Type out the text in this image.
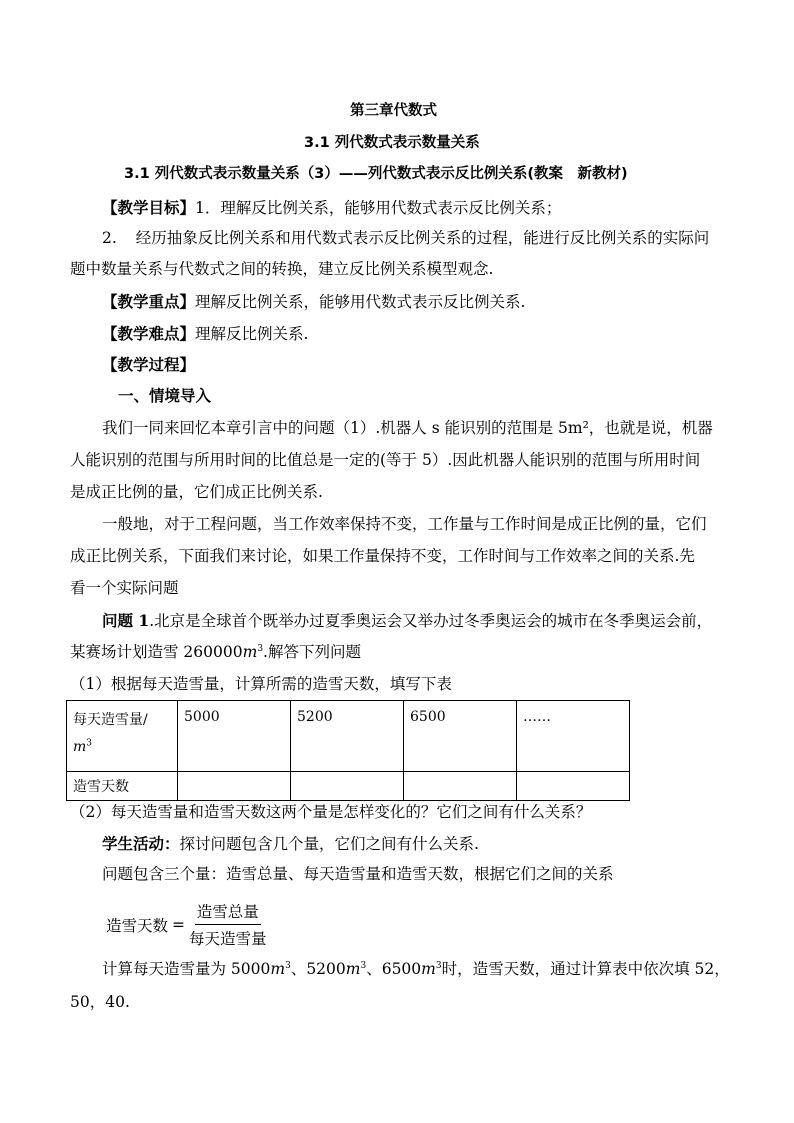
第三章代数式
3.1 列代数式表示数量关系
3.1 列代数式表示数量关系（3）——列代数式表示反比例关系(教案　新教材)
【教学目标】1．理解反比例关系，能够用代数式表示反比例关系；
2. 经历抽象反比例关系和用代数式表示反比例关系的过程，能进行反比例关系的实际问
题中数量关系与代数式之间的转换，建立反比例关系模型观念.
【教学重点】理解反比例关系，能够用代数式表示反比例关系.
【教学难点】理解反比例关系.
【教学过程】
一、情境导入
我们一同来回忆本章引言中的问题（1）.机器人 s 能识别的范围是 5m²，也就是说，机器
人能识别的范围与所用时间的比值总是一定的(等于 5）.因此机器人能识别的范围与所用时间
是成正比例的量，它们成正比例关系.
一般地，对于工程问题，当工作效率保持不变，工作量与工作时间是成正比例的量，它们
成正比例关系，下面我们来讨论，如果工作量保持不变，工作时间与工作效率之间的关系.先
看一个实际问题
问题 1.北京是全球首个既举办过夏季奥运会又举办过冬季奥运会的城市在冬季奥运会前，
某赛场计划造雪 $260000m^3$.解答下列问题
（1）根据每天造雪量，计算所需的造雪天数，填写下表
每天造雪量/
$m^3$	5000	5200	6500	……
造雪天数				
（2）每天造雪量和造雪天数这两个量是怎样变化的？它们之间有什么关系？
学生活动：探讨问题包含几个量，它们之间有什么关系.
问题包含三个量：造雪总量、每天造雪量和造雪天数，根据它们之间的关系
造雪天数 = $\frac{\text{造雪总量}}{\text{每天造雪量}}$
计算每天造雪量为 $5000m^3$、$5200m^3$、$6500m^3$时，造雪天数，通过计算表中依次填 52，
50，40.
